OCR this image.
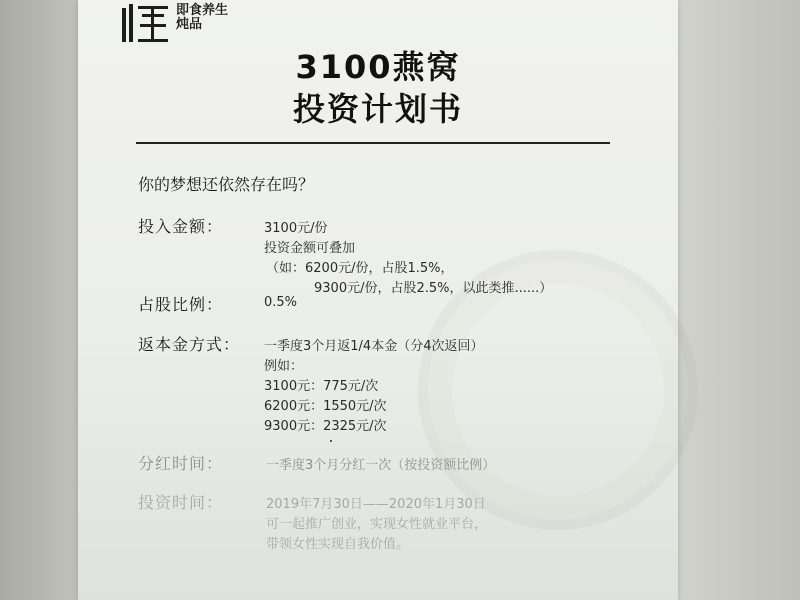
即食养生
炖品
3100燕窝
投资计划书
你的梦想还依然存在吗？
投入金额：	3100元/份
投资金额可叠加
（如：6200元/份，占股1.5%，
9300元/份，占股2.5%，以此类推......）
占股比例：	0.5%
返本金方式： 一季度3个月返1/4本金（分4次返回）
例如：
3100元：775元/次
6200元：1550元/次
9300元：2325元/次
分红时间：	一季度3个月分红一次（按投资额比例）
投资时间：	2019年7月30日——2020年1月30日
可一起推广创业，实现女性就业平台，
带领女性实现自我价值。
